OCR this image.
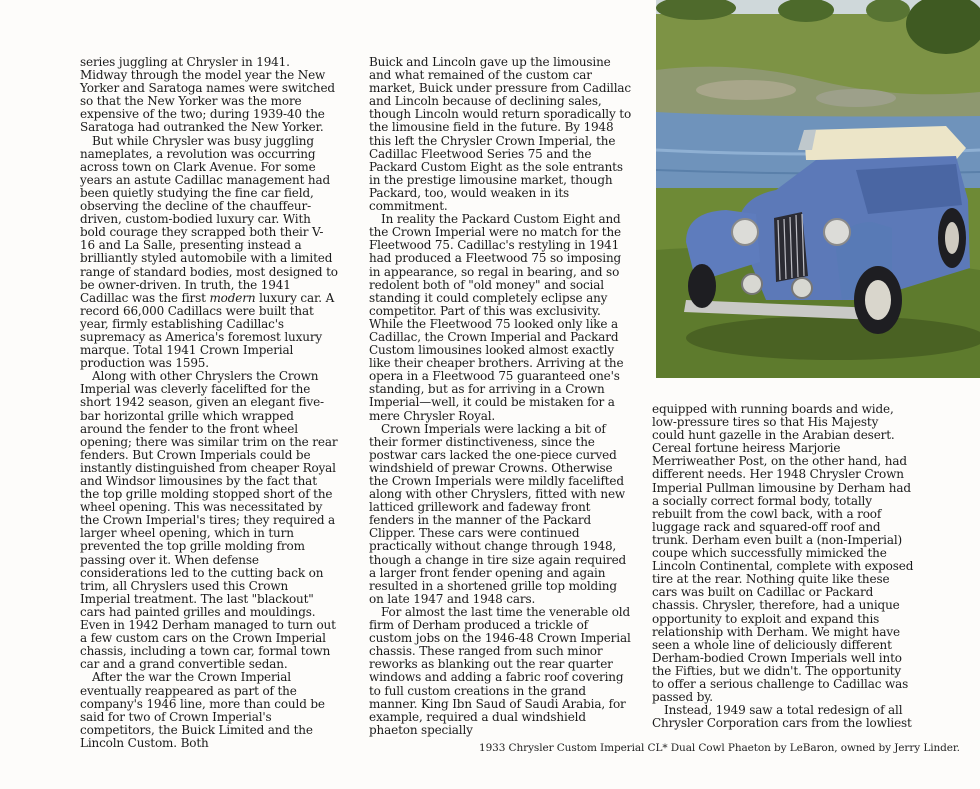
series juggling at Chrysler in 1941. Midway through the model year the New Yorker and Saratoga names were switched so that the New Yorker was the more expensive of the two; during 1939-40 the Saratoga had outranked the New Yorker.

But while Chrysler was busy juggling nameplates, a revolution was occurring across town on Clark Avenue. For some years an astute Cadillac management had been quietly studying the fine car field, observing the decline of the chauffeur-driven, custom-bodied luxury car. With bold courage they scrapped both their V-16 and La Salle, presenting instead a brilliantly styled automobile with a limited range of standard bodies, most designed to be owner-driven. In truth, the 1941 Cadillac was the first modern luxury car. A record 66,000 Cadillacs were built that year, firmly establishing Cadillac's supremacy as America's foremost luxury marque. Total 1941 Crown Imperial production was 1595.

Along with other Chryslers the Crown Imperial was cleverly facelifted for the short 1942 season, given an elegant five-bar horizontal grille which wrapped around the fender to the front wheel opening; there was similar trim on the rear fenders. But Crown Imperials could be instantly distinguished from cheaper Royal and Windsor limousines by the fact that the top grille molding stopped short of the wheel opening. This was necessitated by the Crown Imperial's tires; they required a larger wheel opening, which in turn prevented the top grille molding from passing over it. When defense considerations led to the cutting back on trim, all Chryslers used this Crown Imperial treatment. The last "blackout" cars had painted grilles and mouldings. Even in 1942 Derham managed to turn out a few custom cars on the Crown Imperial chassis, including a town car, formal town car and a grand convertible sedan.

After the war the Crown Imperial eventually reappeared as part of the company's 1946 line, more than could be said for two of Crown Imperial's competitors, the Buick Limited and the Lincoln Custom. Both

Buick and Lincoln gave up the limousine and what remained of the custom car market, Buick under pressure from Cadillac and Lincoln because of declining sales, though Lincoln would return sporadically to the limousine field in the future. By 1948 this left the Chrysler Crown Imperial, the Cadillac Fleetwood Series 75 and the Packard Custom Eight as the sole entrants in the prestige limousine market, though Packard, too, would weaken in its commitment.

In reality the Packard Custom Eight and the Crown Imperial were no match for the Fleetwood 75. Cadillac's restyling in 1941 had produced a Fleetwood 75 so imposing in appearance, so regal in bearing, and so redolent both of "old money" and social standing it could completely eclipse any competitor. Part of this was exclusivity. While the Fleetwood 75 looked only like a Cadillac, the Crown Imperial and Packard Custom limousines looked almost exactly like their cheaper brothers. Arriving at the opera in a Fleetwood 75 guaranteed one's standing, but as for arriving in a Crown Imperial—well, it could be mistaken for a mere Chrysler Royal.

Crown Imperials were lacking a bit of their former distinctiveness, since the postwar cars lacked the one-piece curved windshield of prewar Crowns. Otherwise the Crown Imperials were mildly facelifted along with other Chryslers, fitted with new latticed grillework and fadeway front fenders in the manner of the Packard Clipper. These cars were continued practically without change through 1948, though a change in tire size again required a larger front fender opening and again resulted in a shortened grille top molding on late 1947 and 1948 cars.

For almost the last time the venerable old firm of Derham produced a trickle of custom jobs on the 1946-48 Crown Imperial chassis. These ranged from such minor reworks as blanking out the rear quarter windows and adding a fabric roof covering to full custom creations in the grand manner. King Ibn Saud of Saudi Arabia, for example, required a dual windshield phaeton specially

equipped with running boards and wide, low-pressure tires so that His Majesty could hunt gazelle in the Arabian desert. Cereal fortune heiress Marjorie Merriweather Post, on the other hand, had different needs. Her 1948 Chrysler Crown Imperial Pullman limousine by Derham had a socially correct formal body, totally rebuilt from the cowl back, with a roof luggage rack and squared-off roof and trunk. Derham even built a (non-Imperial) coupe which successfully mimicked the Lincoln Continental, complete with exposed tire at the rear. Nothing quite like these cars was built on Cadillac or Packard chassis. Chrysler, therefore, had a unique opportunity to exploit and expand this relationship with Derham. We might have seen a whole line of deliciously different Derham-bodied Crown Imperials well into the Fifties, but we didn't. The opportunity to offer a serious challenge to Cadillac was passed by.

Instead, 1949 saw a total redesign of all Chrysler Corporation cars from the lowliest

1933 Chrysler Custom Imperial CL* Dual Cowl Phaeton by LeBaron, owned by Jerry Linder.
